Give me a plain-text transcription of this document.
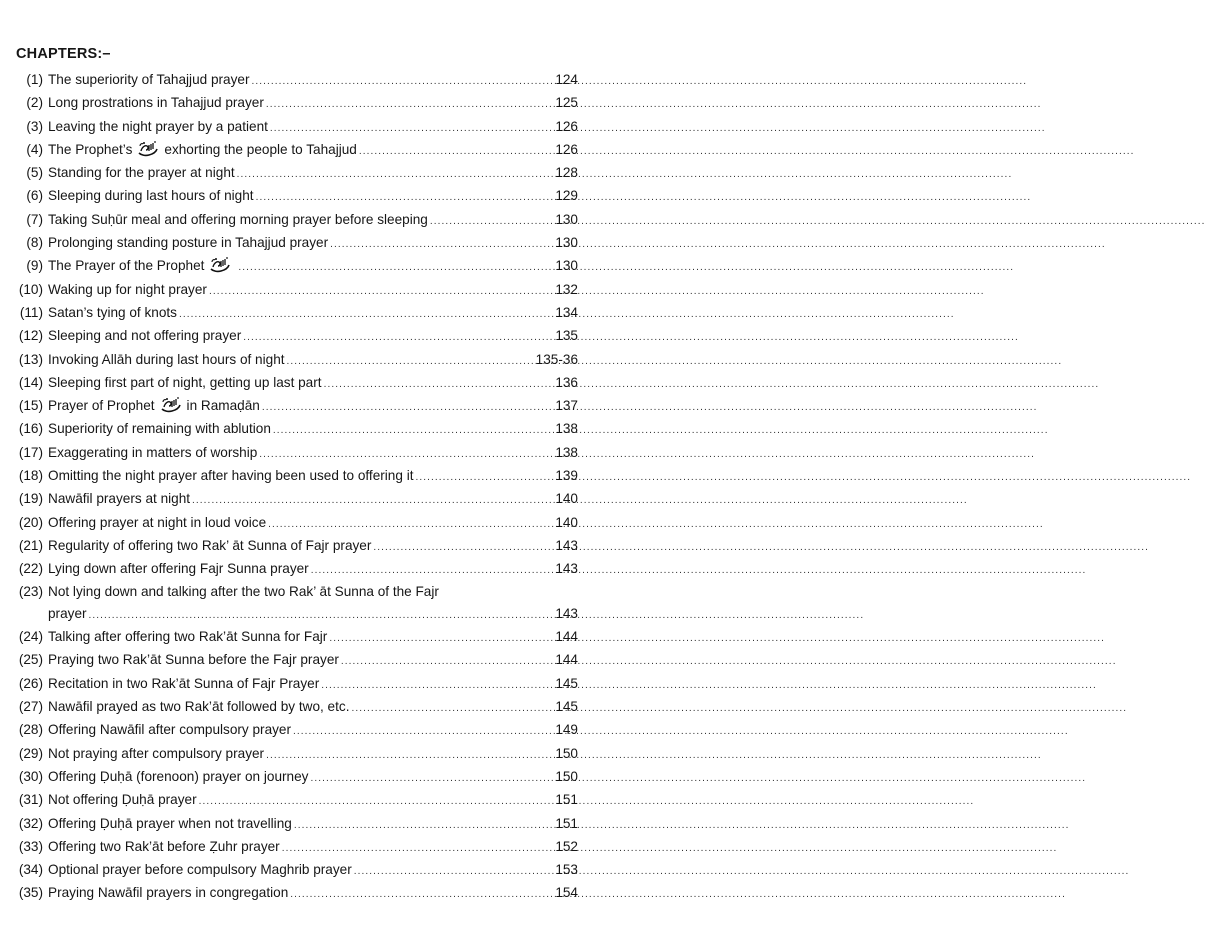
CHAPTERS:–
(1) The superiority of Tahajjud prayer .....	124
(2) Long prostrations in Tahajjud prayer .....	125
(3) Leaving the night prayer by a patient .....	126
(4) The Prophet’s exhorting the people to Tahajjud .....	126
(5) Standing for the prayer at night .....	128
(6) Sleeping during last hours of night .....	129
(7) Taking Suḥūr meal and offering morning prayer before sleeping .....	130
(8) Prolonging standing posture in Tahajjud prayer .....	130
(9) The Prayer of the Prophet .....	130
(10) Waking up for night prayer .....	132
(11) Satan’s tying of knots .....	134
(12) Sleeping and not offering prayer .....	135
(13) Invoking Allāh during last hours of night .....	135-36
(14) Sleeping first part of night, getting up last part .....	136
(15) Prayer of Prophet in Ramaḍān .....	137
(16) Superiority of remaining with ablution .....	138
(17) Exaggerating in matters of worship .....	138
(18) Omitting the night prayer after having been used to offering it .....	139
(19) Nawāfil prayers at night .....	140
(20) Offering prayer at night in loud voice .....	140
(21) Regularity of offering two Rak’ āt Sunna of Fajr prayer .....	143
(22) Lying down after offering Fajr Sunna prayer .....	143
(23) Not lying down and talking after the two Rak’ āt Sunna of the Fajr
prayer .....	143
(24) Talking after offering two Rak’āt Sunna for Fajr .....	144
(25) Praying two Rak’āt Sunna before the Fajr prayer .....	144
(26) Recitation in two Rak’āt Sunna of Fajr Prayer .....	145
(27) Nawāfil prayed as two Rak’āt followed by two, etc. .....	145
(28) Offering Nawāfil after compulsory prayer .....	149
(29) Not praying after compulsory prayer .....	150
(30) Offering Ḍuḥā (forenoon) prayer on journey .....	150
(31) Not offering Ḍuḥā prayer .....	151
(32) Offering Ḍuḥā prayer when not travelling .....	151
(33) Offering two Rak’āt before Ẓuhr prayer .....	152
(34) Optional prayer before compulsory Maghrib prayer .....	153
(35) Praying Nawāfil prayers in congregation .....	154
